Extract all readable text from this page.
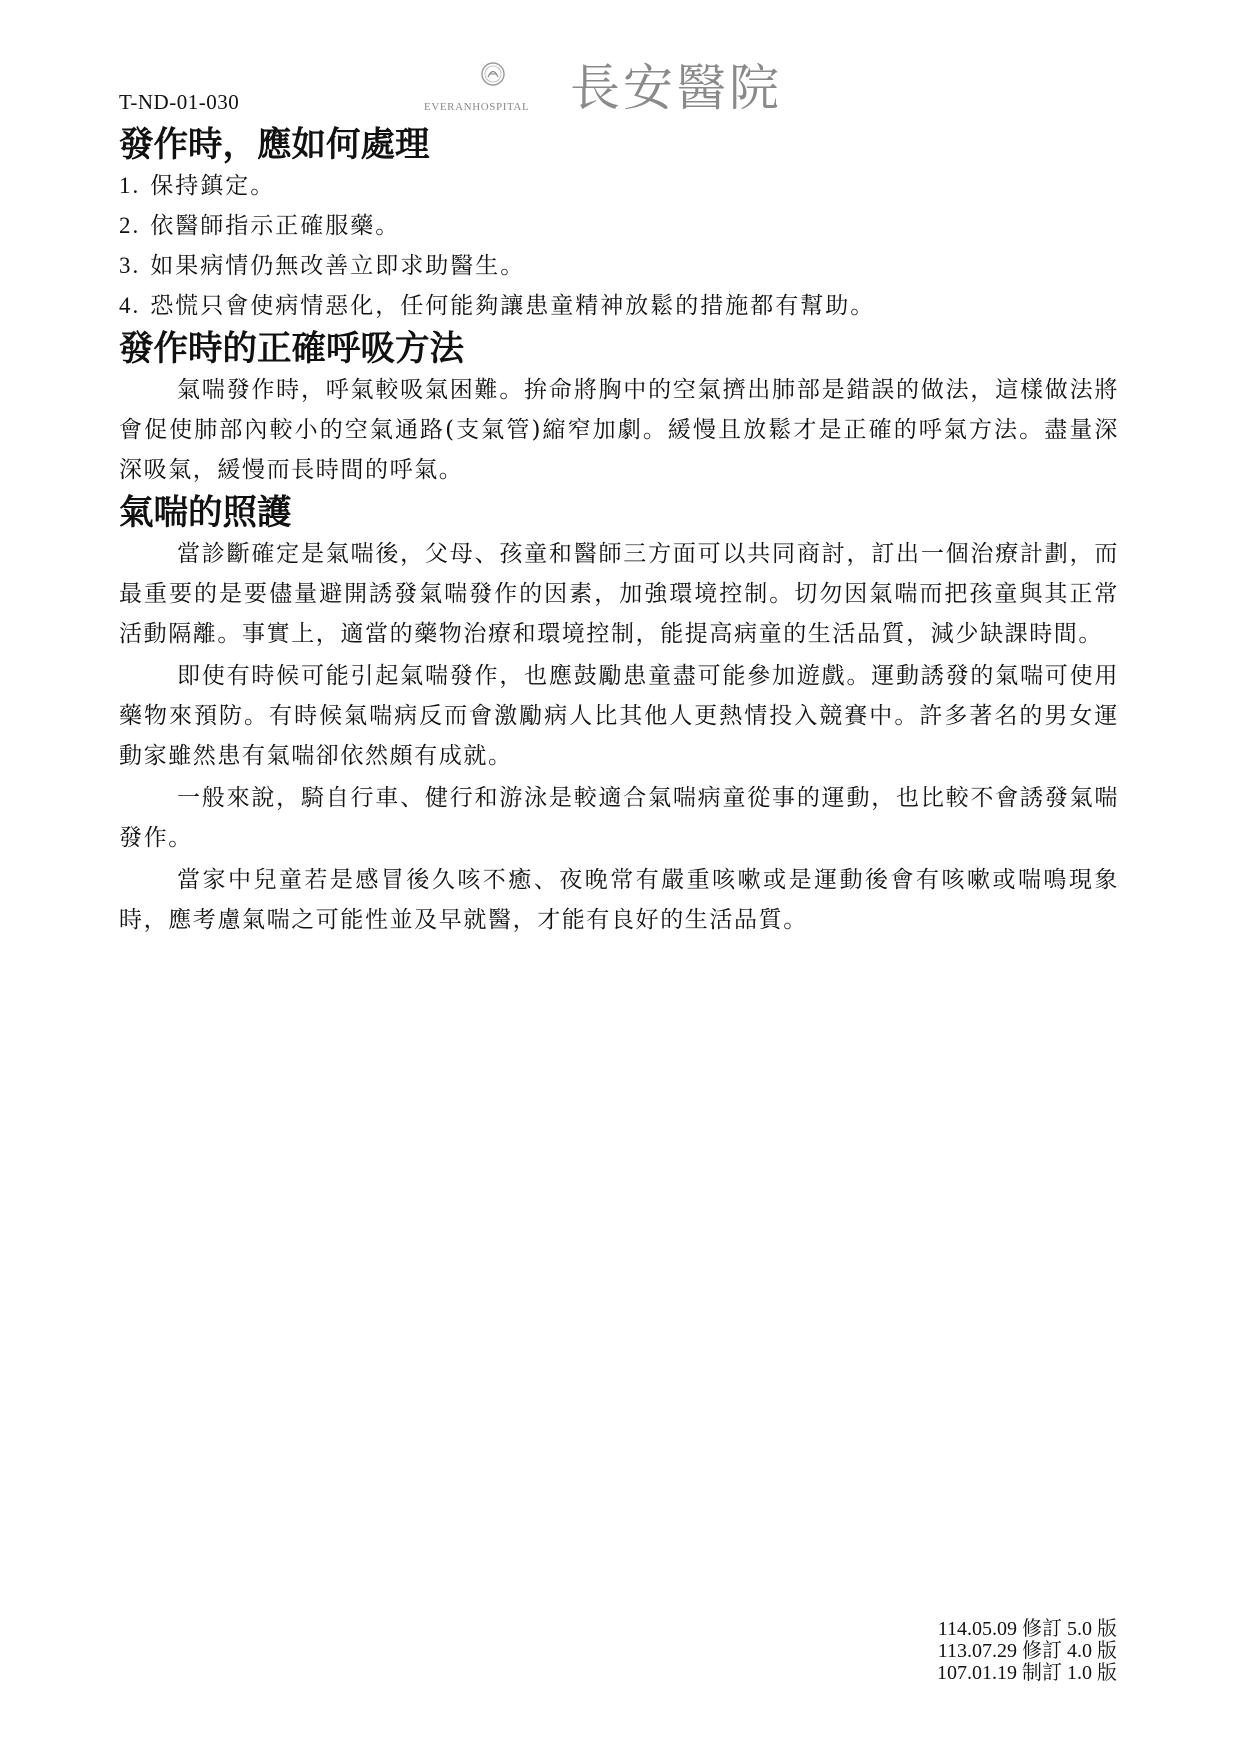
T-ND-01-030	EVERANHOSPITAL 長安醫院
發作時，應如何處理
1. 保持鎮定。
2. 依醫師指示正確服藥。
3. 如果病情仍無改善立即求助醫生。
4. 恐慌只會使病情惡化，任何能夠讓患童精神放鬆的措施都有幫助。
發作時的正確呼吸方法

氣喘發作時，呼氣較吸氣困難。拚命將胸中的空氣擠出肺部是錯誤的做法，這樣做法將會促使肺部內較小的空氣通路(支氣管)縮窄加劇。緩慢且放鬆才是正確的呼氣方法。盡量深深吸氣，緩慢而長時間的呼氣。

氣喘的照護

當診斷確定是氣喘後，父母、孩童和醫師三方面可以共同商討，訂出一個治療計劃，而最重要的是要儘量避開誘發氣喘發作的因素，加強環境控制。切勿因氣喘而把孩童與其正常活動隔離。事實上，適當的藥物治療和環境控制，能提高病童的生活品質，減少缺課時間。

即使有時候可能引起氣喘發作，也應鼓勵患童盡可能參加遊戲。運動誘發的氣喘可使用藥物來預防。有時候氣喘病反而會激勵病人比其他人更熱情投入競賽中。許多著名的男女運動家雖然患有氣喘卻依然頗有成就。

一般來說，騎自行車、健行和游泳是較適合氣喘病童從事的運動，也比較不會誘發氣喘發作。

當家中兒童若是感冒後久咳不癒、夜晚常有嚴重咳嗽或是運動後會有咳嗽或喘鳴現象時，應考慮氣喘之可能性並及早就醫，才能有良好的生活品質。

114.05.09 修訂 5.0 版
113.07.29 修訂 4.0 版
107.01.19 制訂 1.0 版
